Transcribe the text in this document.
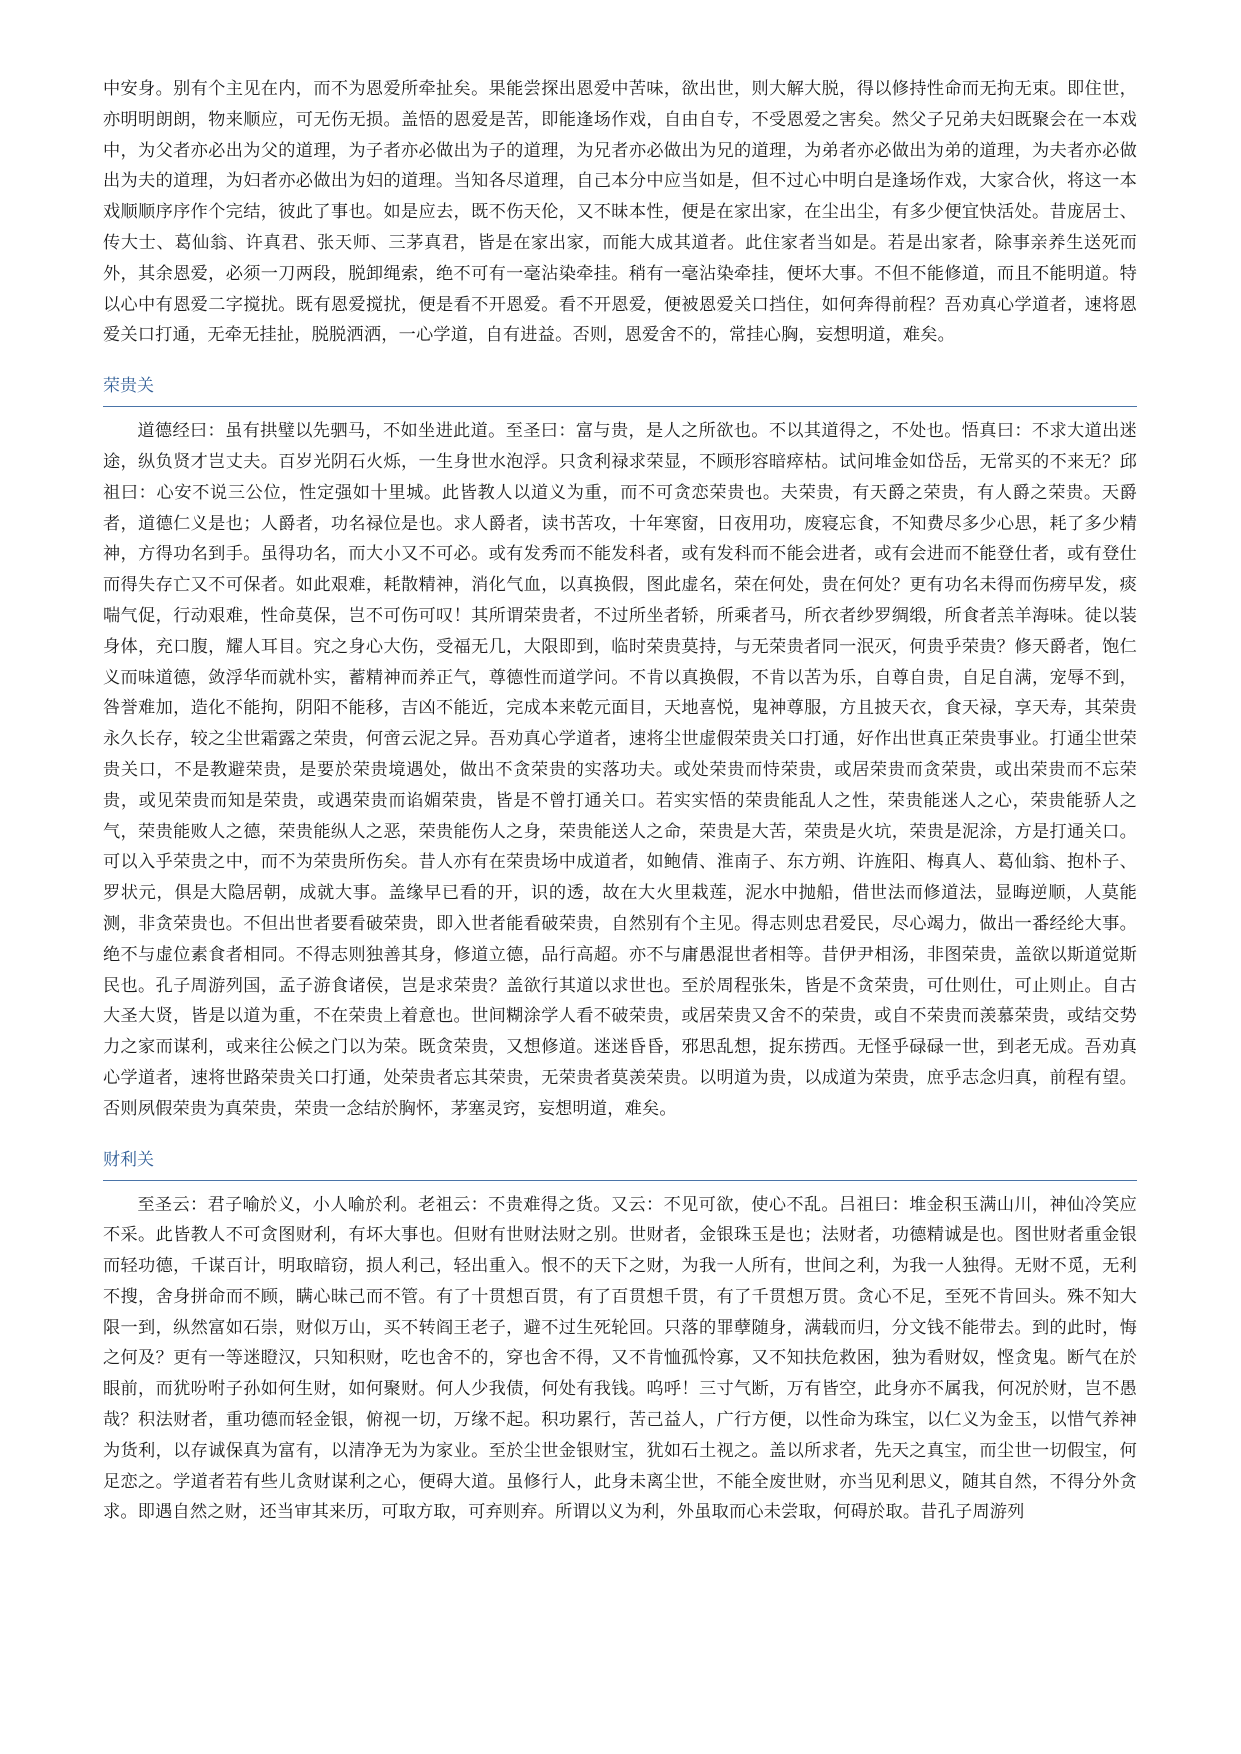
中安身。别有个主见在内，而不为恩爱所牵扯矣。果能尝探出恩爱中苦味，欲出世，则大解大脱，得以修持性命而无拘无束。即住世，亦明明朗朗，物来顺应，可无伤无损。盖悟的恩爱是苦，即能逢场作戏，自由自专，不受恩爱之害矣。然父子兄弟夫妇既聚会在一本戏中，为父者亦必出为父的道理，为子者亦必做出为子的道理，为兄者亦必做出为兄的道理，为弟者亦必做出为弟的道理，为夫者亦必做出为夫的道理，为妇者亦必做出为妇的道理。当知各尽道理，自己本分中应当如是，但不过心中明白是逢场作戏，大家合伙，将这一本戏顺顺序序作个完结，彼此了事也。如是应去，既不伤天伦，又不昧本性，便是在家出家，在尘出尘，有多少便宜快活处。昔庞居士、传大士、葛仙翁、许真君、张天师、三茅真君，皆是在家出家，而能大成其道者。此住家者当如是。若是出家者，除事亲养生送死而外，其余恩爱，必须一刀两段，脱卸绳索，绝不可有一毫沾染牵挂。稍有一毫沾染牵挂，便坏大事。不但不能修道，而且不能明道。特以心中有恩爱二字搅扰。既有恩爱搅扰，便是看不开恩爱。看不开恩爱，便被恩爱关口挡住，如何奔得前程？吾劝真心学道者，速将恩爱关口打通，无牵无挂扯，脱脱洒洒，一心学道，自有进益。否则，恩爱舍不的，常挂心胸，妄想明道，难矣。

荣贵关

道德经曰：虽有拱璧以先驷马，不如坐进此道。至圣曰：富与贵，是人之所欲也。不以其道得之，不处也。悟真曰：不求大道出迷途，纵负贤才岂丈夫。百岁光阴石火烁，一生身世水泡浮。只贪利禄求荣显，不顾形容暗瘁枯。试问堆金如岱岳，无常买的不来无？邱祖曰：心安不说三公位，性定强如十里城。此皆教人以道义为重，而不可贪恋荣贵也。夫荣贵，有天爵之荣贵，有人爵之荣贵。天爵者，道德仁义是也；人爵者，功名禄位是也。求人爵者，读书苦攻，十年寒窗，日夜用功，废寝忘食，不知费尽多少心思，耗了多少精神，方得功名到手。虽得功名，而大小又不可必。或有发秀而不能发科者，或有发科而不能会进者，或有会进而不能登仕者，或有登仕而得失存亡又不可保者。如此艰难，耗散精神，消化气血，以真换假，图此虚名，荣在何处，贵在何处？更有功名未得而伤痨早发，痰喘气促，行动艰难，性命莫保，岂不可伤可叹！其所谓荣贵者，不过所坐者轿，所乘者马，所衣者纱罗绸缎，所食者羔羊海味。徒以装身体，充口腹，耀人耳目。究之身心大伤，受福无几，大限即到，临时荣贵莫持，与无荣贵者同一泯灭，何贵乎荣贵？修天爵者，饱仁义而味道德，敛浮华而就朴实，蓄精神而养正气，尊德性而道学问。不肯以真换假，不肯以苦为乐，自尊自贵，自足自满，宠辱不到，咎誉难加，造化不能拘，阴阳不能移，吉凶不能近，完成本来乾元面目，天地喜悦，鬼神尊服，方且披天衣，食天禄，享天寿，其荣贵永久长存，较之尘世霜露之荣贵，何啻云泥之异。吾劝真心学道者，速将尘世虚假荣贵关口打通，好作出世真正荣贵事业。打通尘世荣贵关口，不是教避荣贵，是要於荣贵境遇处，做出不贪荣贵的实落功夫。或处荣贵而恃荣贵，或居荣贵而贪荣贵，或出荣贵而不忘荣贵，或见荣贵而知是荣贵，或遇荣贵而谄媚荣贵，皆是不曾打通关口。若实实悟的荣贵能乱人之性，荣贵能迷人之心，荣贵能骄人之气，荣贵能败人之德，荣贵能纵人之恶，荣贵能伤人之身，荣贵能送人之命，荣贵是大苦，荣贵是火坑，荣贵是泥涂，方是打通关口。可以入乎荣贵之中，而不为荣贵所伤矣。昔人亦有在荣贵场中成道者，如鲍倩、淮南子、东方朔、许旌阳、梅真人、葛仙翁、抱朴子、罗状元，俱是大隐居朝，成就大事。盖缘早已看的开，识的透，故在大火里栽莲，泥水中抛船，借世法而修道法，显晦逆顺，人莫能测，非贪荣贵也。不但出世者要看破荣贵，即入世者能看破荣贵，自然别有个主见。得志则忠君爱民，尽心竭力，做出一番经纶大事。绝不与虚位素食者相同。不得志则独善其身，修道立德，品行高超。亦不与庸愚混世者相等。昔伊尹相汤，非图荣贵，盖欲以斯道觉斯民也。孔子周游列国，孟子游食诸侯，岂是求荣贵？盖欲行其道以求世也。至於周程张朱，皆是不贪荣贵，可仕则仕，可止则止。自古大圣大贤，皆是以道为重，不在荣贵上着意也。世间糊涂学人看不破荣贵，或居荣贵又舍不的荣贵，或自不荣贵而羡慕荣贵，或结交势力之家而谋利，或来往公候之门以为荣。既贪荣贵，又想修道。迷迷昏昏，邪思乱想，捉东捞西。无怪乎碌碌一世，到老无成。吾劝真心学道者，速将世路荣贵关口打通，处荣贵者忘其荣贵，无荣贵者莫羡荣贵。以明道为贵，以成道为荣贵，庶乎志念归真，前程有望。否则夙假荣贵为真荣贵，荣贵一念结於胸怀，茅塞灵窍，妄想明道，难矣。

财利关

至圣云：君子喻於义，小人喻於利。老祖云：不贵难得之货。又云：不见可欲，使心不乱。吕祖曰：堆金积玉满山川，神仙冷笑应不采。此皆教人不可贪图财利，有坏大事也。但财有世财法财之别。世财者，金银珠玉是也；法财者，功德精诚是也。图世财者重金银而轻功德，千谋百计，明取暗窃，损人利己，轻出重入。恨不的天下之财，为我一人所有，世间之利，为我一人独得。无财不觅，无利不搜，舍身拼命而不顾，瞒心昧己而不管。有了十贯想百贯，有了百贯想千贯，有了千贯想万贯。贪心不足，至死不肯回头。殊不知大限一到，纵然富如石崇，财似万山，买不转阎王老子，避不过生死轮回。只落的罪孽随身，满载而归，分文钱不能带去。到的此时，悔之何及？更有一等迷瞪汉，只知积财，吃也舍不的，穿也舍不得，又不肯恤孤怜寡，又不知扶危救困，独为看财奴，悭贪鬼。断气在於眼前，而犹吩咐子孙如何生财，如何聚财。何人少我债，何处有我钱。呜呼！三寸气断，万有皆空，此身亦不属我，何况於财，岂不愚哉？积法财者，重功德而轻金银，俯视一切，万缘不起。积功累行，苦己益人，广行方便，以性命为珠宝，以仁义为金玉，以惜气养神为货利，以存诚保真为富有，以清净无为为家业。至於尘世金银财宝，犹如石土视之。盖以所求者，先天之真宝，而尘世一切假宝，何足恋之。学道者若有些儿贪财谋利之心，便碍大道。虽修行人，此身未离尘世，不能全废世财，亦当见利思义，随其自然，不得分外贪求。即遇自然之财，还当审其来历，可取方取，可弃则弃。所谓以义为利，外虽取而心未尝取，何碍於取。昔孔子周游列
